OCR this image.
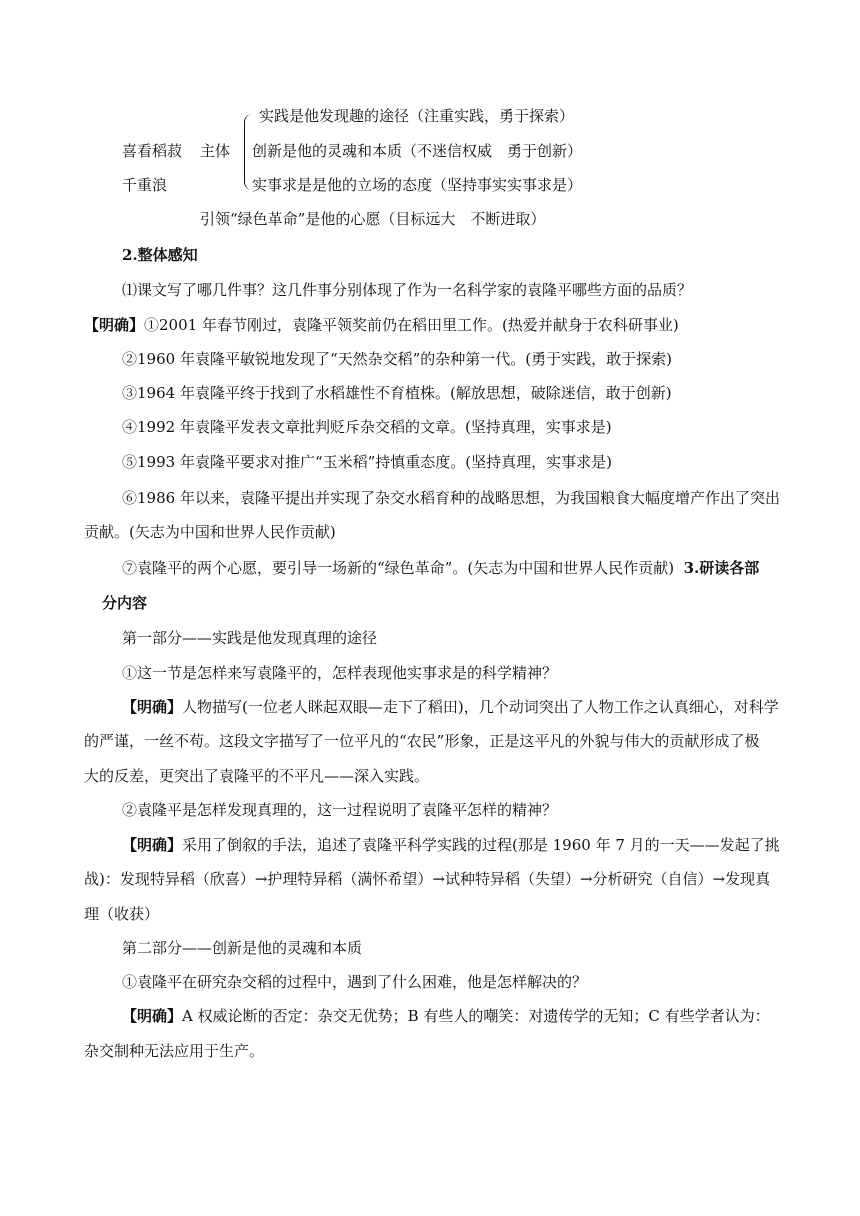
实践是他发现趣的途径（注重实践，勇于探索）
喜看稻菽 主体 创新是他的灵魂和本质（不迷信权威　勇于创新）
千重浪	实事求是是他的立场的态度（坚持事实实事求是）
引领“绿色革命”是他的心愿（目标远大　不断进取）
2.整体感知
⑴课文写了哪几件事？这几件事分别体现了作为一名科学家的袁隆平哪些方面的品质？
【明确】①2001 年春节刚过，袁隆平领奖前仍在稻田里工作。(热爱并献身于农科研事业)
②1960 年袁隆平敏锐地发现了“天然杂交稻”的杂种第一代。(勇于实践，敢于探索)
③1964 年袁隆平终于找到了水稻雄性不育植株。(解放思想，破除迷信，敢于创新)
④1992 年袁隆平发表文章批判贬斥杂交稻的文章。(坚持真理，实事求是)
⑤1993 年袁隆平要求对推广“玉米稻”持慎重态度。(坚持真理，实事求是)
⑥1986 年以来，袁隆平提出并实现了杂交水稻育种的战略思想，为我国粮食大幅度增产作出了突出
贡献。(矢志为中国和世界人民作贡献)
⑦袁隆平的两个心愿，要引导一场新的“绿色革命”。(矢志为中国和世界人民作贡献) 3.研读各部
分内容
第一部分——实践是他发现真理的途径
①这一节是怎样来写袁隆平的，怎样表现他实事求是的科学精神？
【明确】人物描写(一位老人眯起双眼—走下了稻田)，几个动词突出了人物工作之认真细心，对科学
的严谨，一丝不苟。这段文字描写了一位平凡的“农民”形象，正是这平凡的外貌与伟大的贡献形成了极
大的反差，更突出了袁隆平的不平凡——深入实践。
②袁隆平是怎样发现真理的，这一过程说明了袁隆平怎样的精神？
【明确】采用了倒叙的手法，追述了袁隆平科学实践的过程(那是 1960 年 7 月的一天——发起了挑
战)：发现特异稻（欣喜）→护理特异稻（满怀希望）→试种特异稻（失望）→分析研究（自信）→发现真
理（收获）
第二部分——创新是他的灵魂和本质
①袁隆平在研究杂交稻的过程中，遇到了什么困难，他是怎样解决的？
【明确】A 权威论断的否定：杂交无优势；B 有些人的嘲笑：对遗传学的无知；C 有些学者认为：
杂交制种无法应用于生产。
